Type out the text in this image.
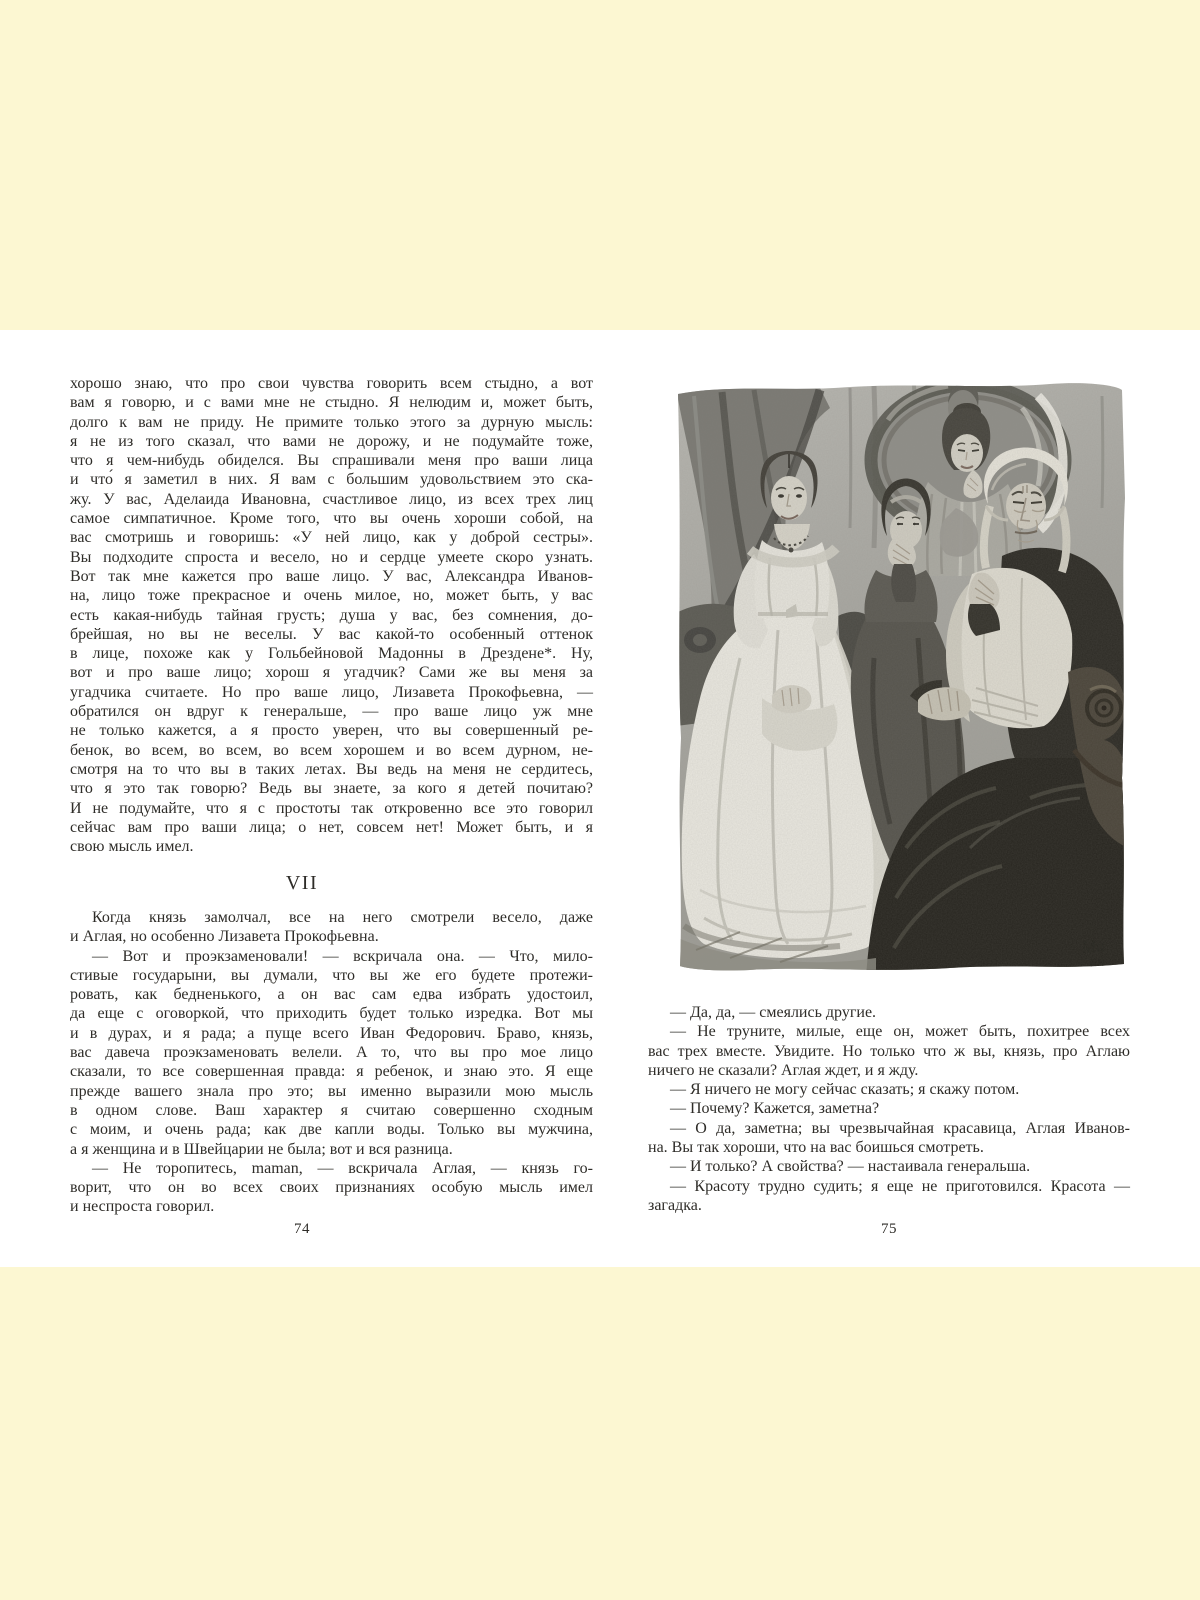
хорошо знаю, что про свои чувства говорить всем стыдно, а вот
вам я говорю, и с вами мне не стыдно. Я нелюдим и, может быть,
долго к вам не приду. Не примите только этого за дурную мысль:
я не из того сказал, что вами не дорожу, и не подумайте тоже,
что я чем-нибудь обиделся. Вы спрашивали меня про ваши лица
и что́ я заметил в них. Я вам с большим удовольствием это ска-
жу. У вас, Аделаида Ивановна, счастливое лицо, из всех трех лиц
самое симпатичное. Кроме того, что вы очень хороши собой, на
вас смотришь и говоришь: «У ней лицо, как у доброй сестры».
Вы подходите спроста и весело, но и сердце умеете скоро узнать.
Вот так мне кажется про ваше лицо. У вас, Александра Иванов-
на, лицо тоже прекрасное и очень милое, но, может быть, у вас
есть какая-нибудь тайная грусть; душа у вас, без сомнения, до-
брейшая, но вы не веселы. У вас какой-то особенный оттенок
в лице, похоже как у Гольбейновой Мадонны в Дрездене*. Ну,
вот и про ваше лицо; хорош я угадчик? Сами же вы меня за
угадчика считаете. Но про ваше лицо, Лизавета Прокофьевна, —
обратился он вдруг к генеральше, — про ваше лицо уж мне
не только кажется, а я просто уверен, что вы совершенный ре-
бенок, во всем, во всем, во всем хорошем и во всем дурном, не-
смотря на то что вы в таких летах. Вы ведь на меня не сердитесь,
что я это так говорю? Ведь вы знаете, за кого я детей почитаю?
И не подумайте, что я с простоты так откровенно все это говорил
сейчас вам про ваши лица; о нет, совсем нет! Может быть, и я
свою мысль имел.
VII
Когда князь замолчал, все на него смотрели весело, даже
и Аглая, но особенно Лизавета Прокофьевна.
— Вот и проэкзаменовали! — вскричала она. — Что, мило-
стивые государыни, вы думали, что вы же его будете протежи-
ровать, как бедненького, а он вас сам едва избрать удостоил,
да еще с оговоркой, что приходить будет только изредка. Вот мы
и в дурах, и я рада; а пуще всего Иван Федорович. Браво, князь,
вас давеча проэкзаменовать велели. А то, что вы про мое лицо
сказали, то все совершенная правда: я ребенок, и знаю это. Я еще
прежде вашего знала про это; вы именно выразили мою мысль
в одном слове. Ваш характер я считаю совершенно сходным
с моим, и очень рада; как две капли воды. Только вы мужчина,
а я женщина и в Швейцарии не была; вот и вся разница.
— Не торопитесь, maman, — вскричала Аглая, — князь го-
ворит, что он во всех своих признаниях особую мысль имел
и неспроста говорил.
74
— Да, да, — смеялись другие.
— Не труните, милые, еще он, может быть, похитрее всех
вас трех вместе. Увидите. Но только что ж вы, князь, про Аглаю
ничего не сказали? Аглая ждет, и я жду.
— Я ничего не могу сейчас сказать; я скажу потом.
— Почему? Кажется, заметна?
— О да, заметна; вы чрезвычайная красавица, Аглая Иванов-
на. Вы так хороши, что на вас боишься смотреть.
— И только? А свойства? — настаивала генеральша.
— Красоту трудно судить; я еще не приготовился. Красота —
загадка.
75
